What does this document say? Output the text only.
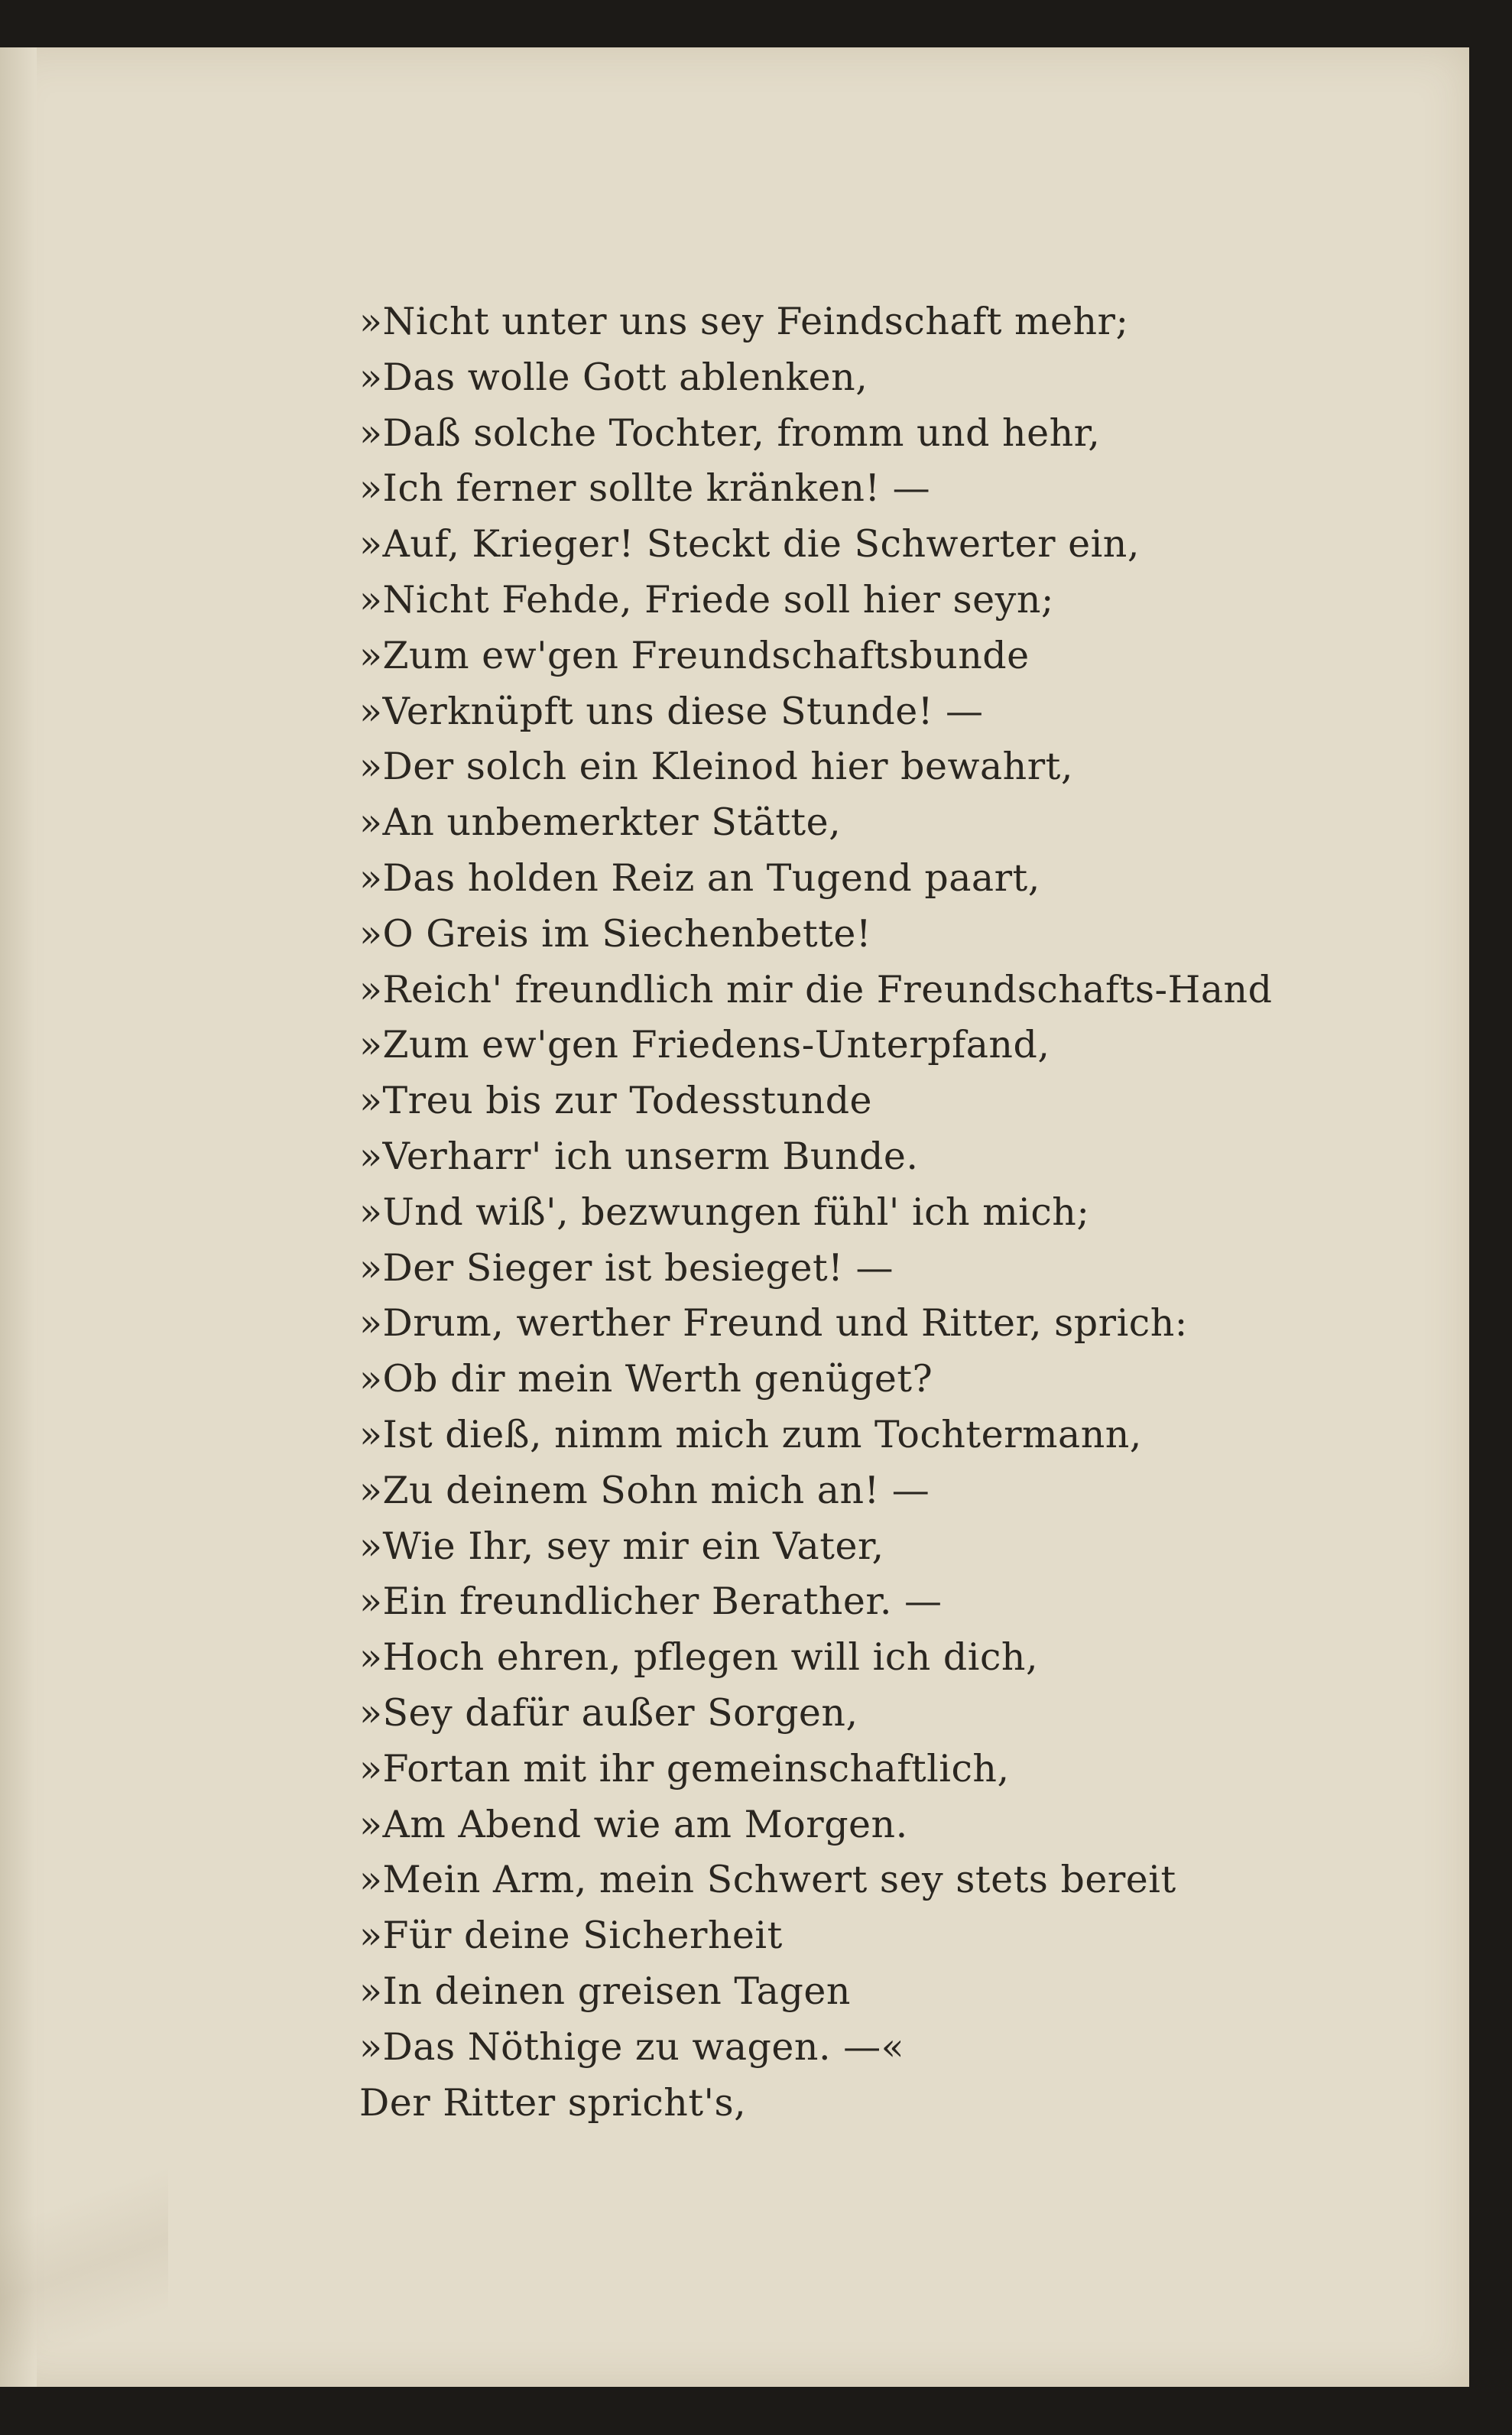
»Nicht unter uns sey Feindschaft mehr;
»Das wolle Gott ablenken,
»Daß solche Tochter, fromm und hehr,
»Ich ferner sollte kränken! —
»Auf, Krieger! Steckt die Schwerter ein,
»Nicht Fehde, Friede soll hier seyn;
»Zum ew'gen Freundschaftsbunde
»Verknüpft uns diese Stunde! —
»Der solch ein Kleinod hier bewahrt,
»An unbemerkter Stätte,
»Das holden Reiz an Tugend paart,
»O Greis im Siechenbette!
»Reich' freundlich mir die Freundschafts-Hand
»Zum ew'gen Friedens-Unterpfand,
»Treu bis zur Todesstunde
»Verharr' ich unserm Bunde.
»Und wiß', bezwungen fühl' ich mich;
»Der Sieger ist besieget! —
»Drum, werther Freund und Ritter, sprich:
»Ob dir mein Werth genüget?
»Ist dieß, nimm mich zum Tochtermann,
»Zu deinem Sohn mich an! —
»Wie Ihr, sey mir ein Vater,
»Ein freundlicher Berather. —
»Hoch ehren, pflegen will ich dich,
»Sey dafür außer Sorgen,
»Fortan mit ihr gemeinschaftlich,
»Am Abend wie am Morgen.
»Mein Arm, mein Schwert sey stets bereit
»Für deine Sicherheit
»In deinen greisen Tagen
»Das Nöthige zu wagen. —«
Der Ritter spricht's,
